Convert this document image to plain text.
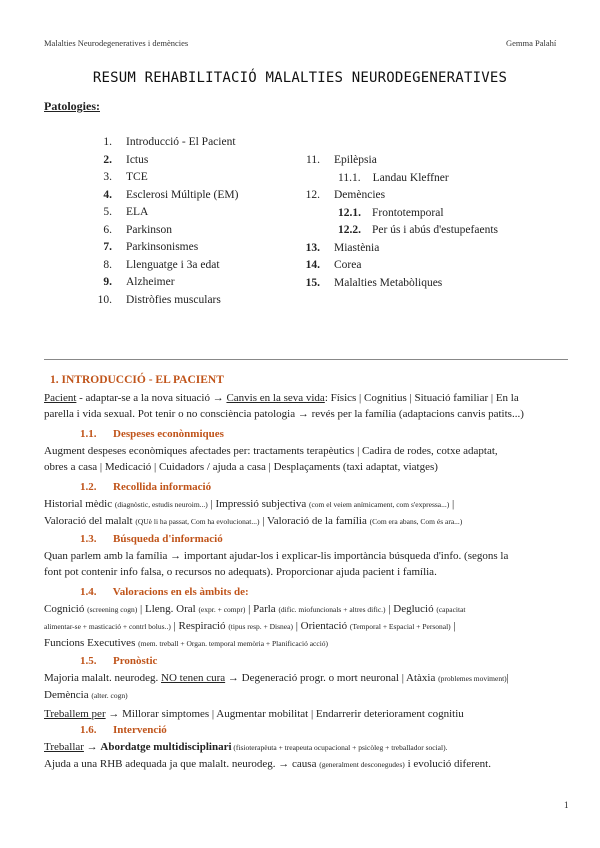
Malalties Neurodegeneratives i demències	Gemma Palahí
RESUM REHABILITACIÓ MALALTIES NEURODEGENERATIVES
Patologies:
1. Introducció - El Pacient
2. Ictus
3. TCE
4. Esclerosi Múltiple (EM)
5. ELA
6. Parkinson
7. Parkinsonismes
8. Llenguatge i 3a edat
9. Alzheimer
10. Distròfies musculars
11. Epilèpsia
11.1. Landau Kleffner
12. Demències
12.1. Frontotemporal
12.2. Per ús i abús d'estupefaents
13. Miastènia
14. Corea
15. Malalties Metabòliques
1. INTRODUCCIÓ - EL PACIENT
Pacient - adaptar-se a la nova situació → Canvis en la seva vida: Físics | Cognitius | Situació familiar | En la
parella i vida sexual. Pot tenir o no consciència patologia → revés per la família (adaptacions canvis patits...)
1.1.      Despeses econònmiques
Augment despeses econòmiques afectades per: tractaments terapèutics | Cadira de rodes, cotxe adaptat,
obres a casa | Medicació | Cuidadors / ajuda a casa | Desplaçaments (taxi adaptat, viatges)
1.2.      Recollida informació
Historial mèdic (diagnòstic, estudis neuroim...) | Impressió subjectiva (com el veiem anímicament, com s'expressa...) |
Valoració del malalt (QUè li ha passat, Com ha evolucionat...) | Valoració de la família (Com era abans, Com és ara...)
1.3.      Búsqueda d'informació
Quan parlem amb la família → important ajudar-los i explicar-lis importància búsqueda d'info. (segons la
font pot contenir info falsa, o recursos no adequats). Proporcionar ajuda pacient i família.
1.4.      Valoracions en els àmbits de:
Cognició (screening cogn) | Lleng. Oral (expr. + compr) | Parla (dific. miofuncionals + altres dific.) | Deglució (capacitat
alimentar-se + masticació + contrl bolus..) | Respiració (tipus resp. + Disnea) | Orientació (Temporal + Espacial + Personal) |
Funcions Executives (mem. treball + Organ. temporal memòria + Planificació acció)
1.5.      Pronòstic
Majoria malalt. neurodeg. NO tenen cura → Degeneració progr. o mort neuronal | Atàxia (problemes moviment)|
Demència (alter. cogn)
Treballem per → Millorar simptomes | Augmentar mobilitat | Endarrerir deteriorament cognitiu
1.6.      Intervenció
Treballar → Abordatge multidisciplinari (fisioterapèuta + treapeuta ocupacional + psicòleg + treballador social).
Ajuda a una RHB adequada ja que malalt. neurodeg. → causa (generalment desconegudes) i evolució diferent.
1
